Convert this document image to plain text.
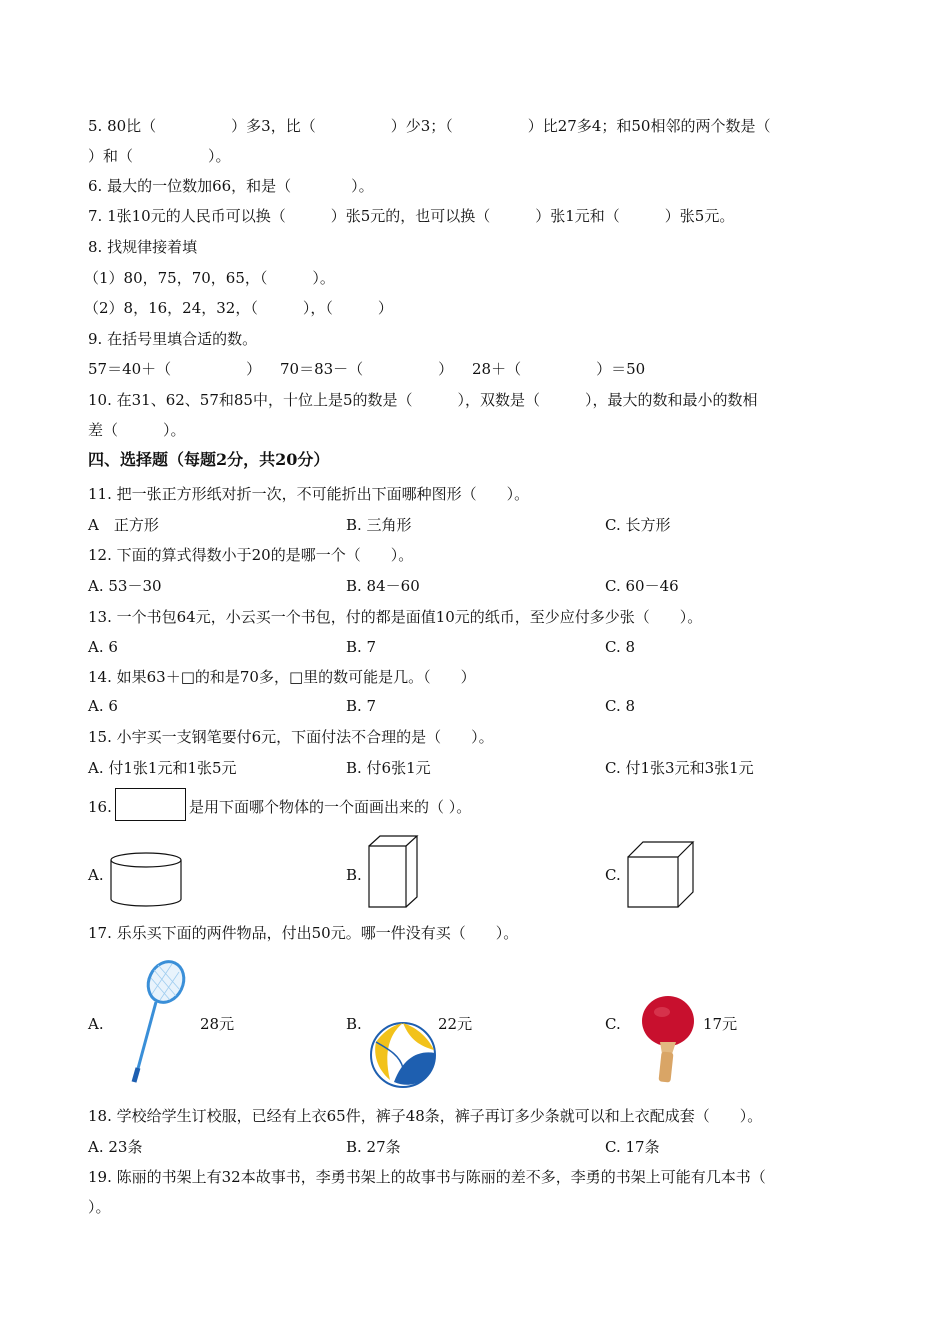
5. 80比（　　　　　）多3，比（　　　　　）少3；（　　　　　）比27多4；和50相邻的两个数是（
）和（　　　　　）。
6. 最大的一位数加66，和是（　　　　）。
7. 1张10元的人民币可以换（　　　）张5元的，也可以换（　　　）张1元和（　　　）张5元。
8. 找规律接着填
（1）80，75，70，65，（　　　）。
（2）8，16，24，32，（　　　），（　　　）
9. 在括号里填合适的数。
57＝40＋（　　　　　） 70＝83－（　　　　　） 28＋（　　　　　）＝50
10. 在31、62、57和85中，十位上是5的数是（　　　），双数是（　　　），最大的数和最小的数相
差（　　　）。
四、选择题（每题2分，共20分）
11. 把一张正方形纸对折一次，不可能折出下面哪种图形（　　）。
A　正方形	B. 三角形	C. 长方形
12. 下面的算式得数小于20的是哪一个（　　）。
A. 53－30	B. 84－60	C. 60－46
13. 一个书包64元，小云买一个书包，付的都是面值10元的纸币，至少应付多少张（　　）。
A. 6	B. 7	C. 8
14. 如果63＋□的和是70多，□里的数可能是几。（　　）
A. 6	B. 7	C. 8
15. 小宇买一支钢笔要付6元，下面付法不合理的是（　　）。
A. 付1张1元和1张5元	B. 付6张1元	C. 付1张3元和3张1元
16.	是用下面哪个物体的一个面画出来的（ ）。
A.	B.	C.
17. 乐乐买下面的两件物品，付出50元。哪一件没有买（　　）。
A.	28元	B.	22元	C.	17元
18. 学校给学生订校服，已经有上衣65件，裤子48条，裤子再订多少条就可以和上衣配成套（　　）。
A. 23条	B. 27条	C. 17条
19. 陈丽的书架上有32本故事书，李勇书架上的故事书与陈丽的差不多，李勇的书架上可能有几本书（
）。
